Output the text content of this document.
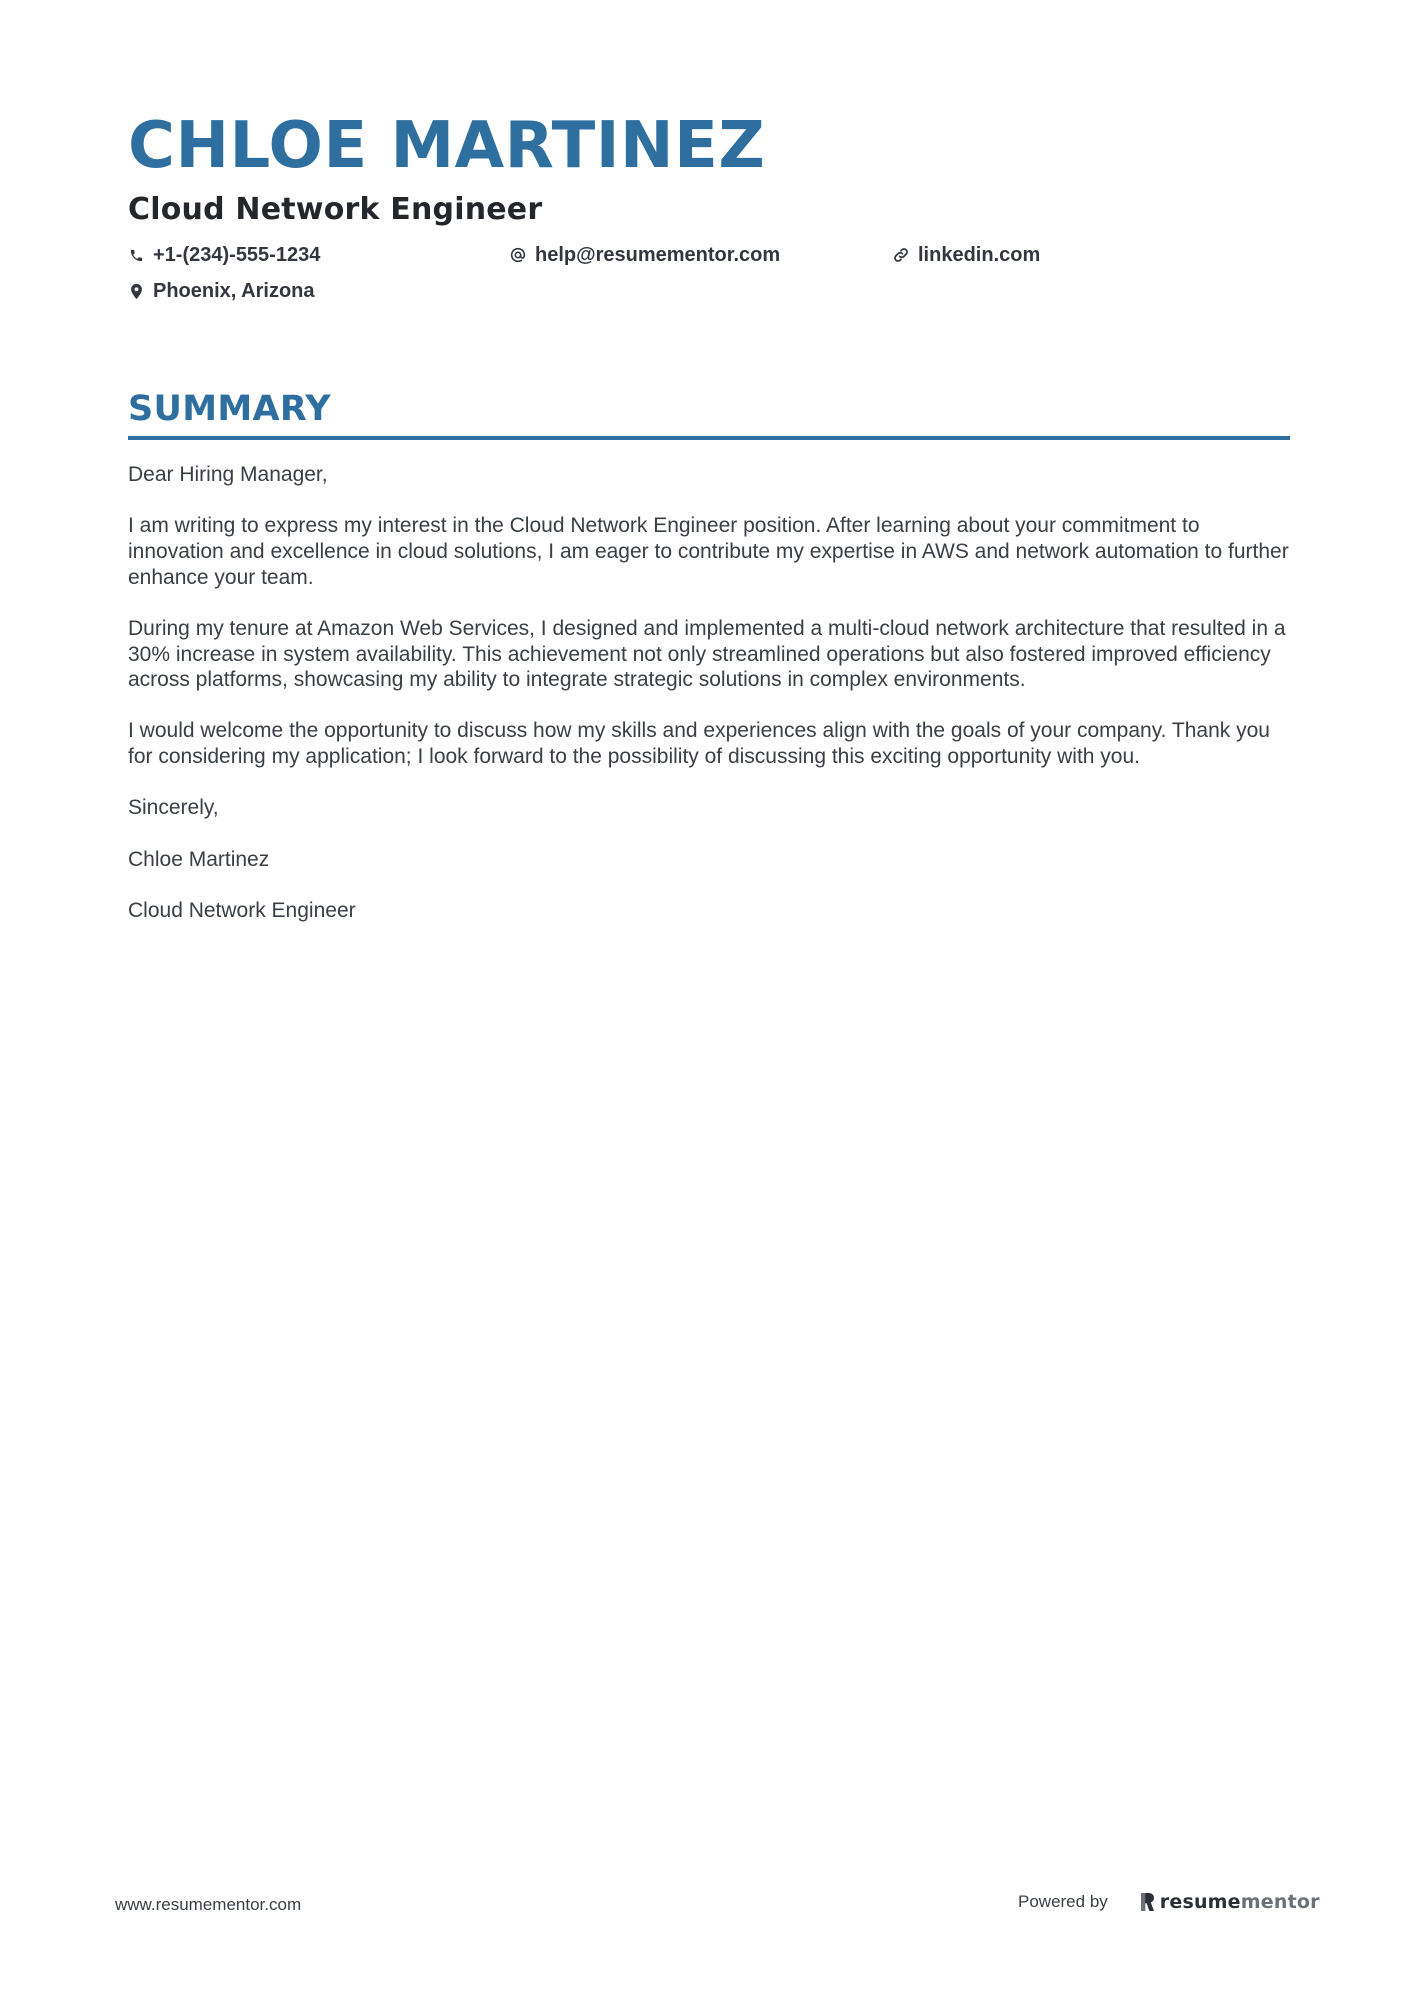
CHLOE MARTINEZ
Cloud Network Engineer
+1-(234)-555-1234	help@resumementor.com	linkedin.com
Phoenix, Arizona
SUMMARY

Dear Hiring Manager,

I am writing to express my interest in the Cloud Network Engineer position. After learning about your commitment to innovation and excellence in cloud solutions, I am eager to contribute my expertise in AWS and network automation to further enhance your team.

During my tenure at Amazon Web Services, I designed and implemented a multi-cloud network architecture that resulted in a 30% increase in system availability. This achievement not only streamlined operations but also fostered improved efficiency across platforms, showcasing my ability to integrate strategic solutions in complex environments.

I would welcome the opportunity to discuss how my skills and experiences align with the goals of your company. Thank you for considering my application; I look forward to the possibility of discussing this exciting opportunity with you.

Sincerely,

Chloe Martinez

Cloud Network Engineer

www.resumementor.com	Powered by	resume mentor
